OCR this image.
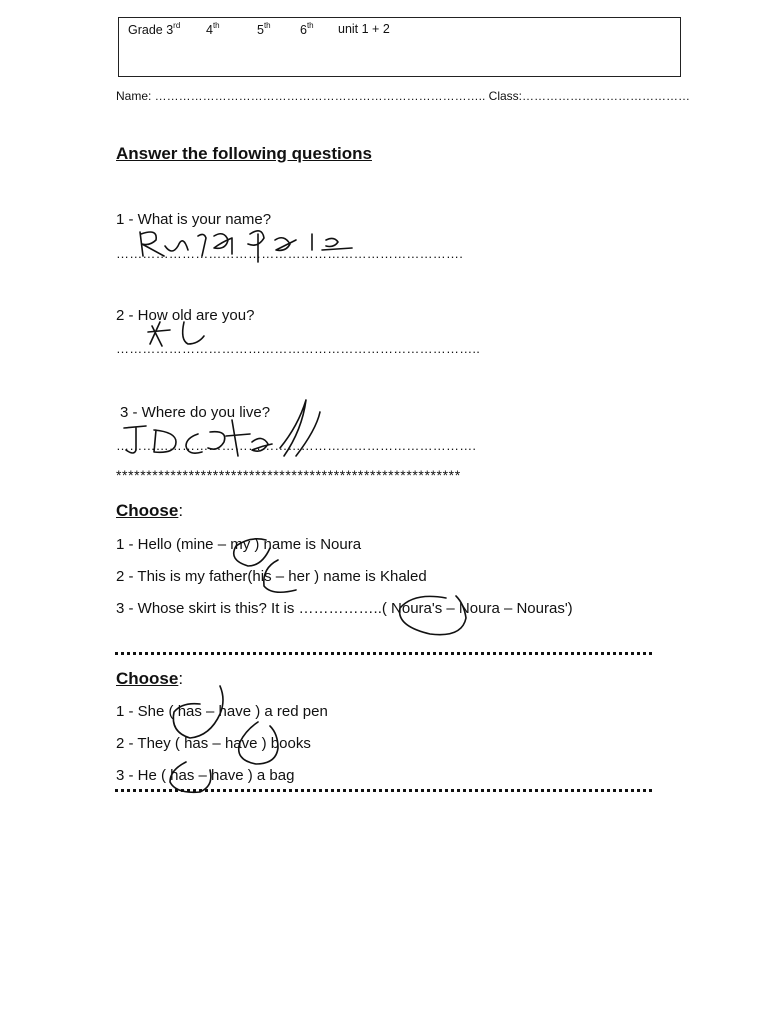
Grade 3rd 4th	5th 6th unit 1 + 2
Name: ……………………………………………………………………….. Class:……………………………………
Answer the following questions
1 - What is your name?
…………………………………………………………………….
2 - How old are you?
………………………………………………………………………..
3 - Where do you live?
……………………………………………………………………….
*********************************************************
Choose:
1 - Hello (mine – my ) name is Noura
2 - This is my father(his – her ) name is Khaled
3 - Whose skirt is this? It is ……………..( Noura's – Noura – Nouras')
Choose:
1 - She ( has – have ) a red pen
2 - They ( has – have ) books
3 - He ( has – have ) a bag
